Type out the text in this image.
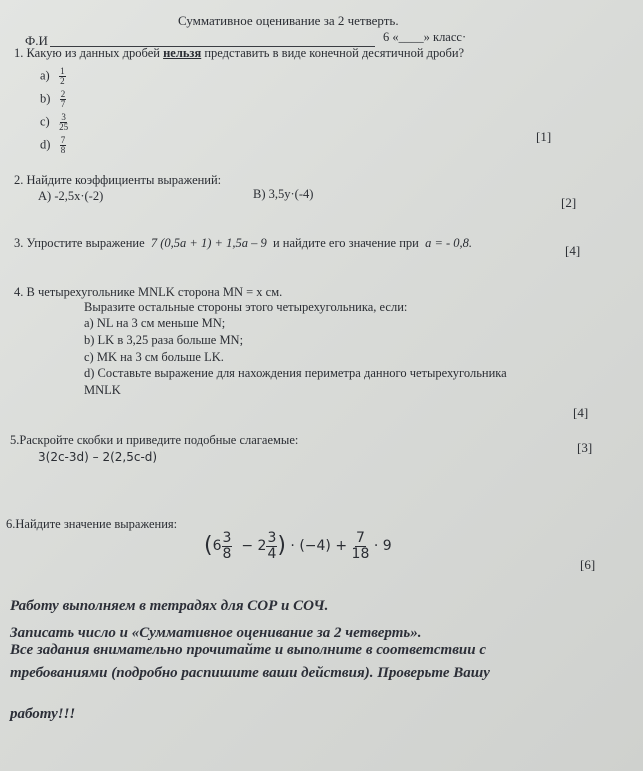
Суммативное оценивание за 2 четверть.
Ф.И	6 «____» класс·
1. Какую из данных дробей нельзя представить в виде конечной десятичной дроби?
$a) \frac{1}{2}$
$b) \frac{2}{7}$
$c) \frac{3}{25}$
$d) \frac{7}{8}$	[1]
2. Найдите коэффициенты выражений:
А) -2,5x·(-2)	В) 3,5y·(-4)
[2]
3. Упростите выражение 7 (0,5a + 1) + 1,5a – 9 и найдите его значение при a = - 0,8.	[4]
4. В четырехугольнике MNLK сторона MN = x см.
Выразите остальные стороны этого четырехугольника, если:
a) NL на 3 см меньше MN;
b) LK в 3,25 раза больше MN;
c) MK на 3 см больше LK.
d) Составьте выражение для нахождения периметра данного четырехугольника
MNLK
[4]
5.Раскройте скобки и приведите подобные слагаемые:
3(2c-3d) – 2(2,5c-d)
[3]
6.Найдите значение выражения:
($6 \frac{3}{8} - 2 \frac{3}{4}$ ) · $(-4) + \frac{7}{18} \cdot 9$
[6]
Работу выполняем в тетрадях для СОР и СОЧ.
Записать число и «Суммативное оценивание за 2 четверть».
Все задания внимательно прочитайте и выполните в соответствии с
требованиями (подробно распишите ваши действия). Проверьте Вашу
работу!!!
